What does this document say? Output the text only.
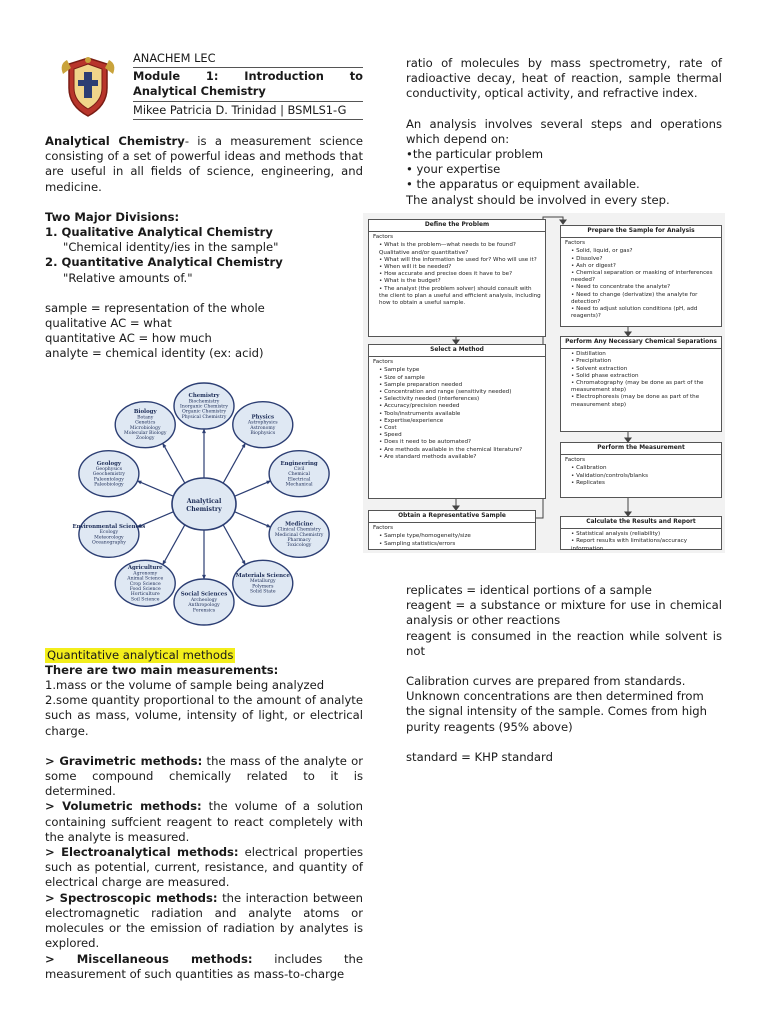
ANACHEM LEC
Module 1: Introduction to Analytical Chemistry
Mikee Patricia D. Trinidad | BSMLS1-G

Analytical Chemistry- is a measurement science consisting of a set of powerful ideas and methods that are useful in all fields of science, engineering, and medicine.

Two Major Divisions:

1. Qualitative Analytical Chemistry

"Chemical identity/ies in the sample"

2. Quantitative Analytical Chemistry

"Relative amounts of."

sample = representation of the whole

qualitative AC = what

quantitative AC = how much

analyte = chemical identity (ex: acid)

Chemistry
Biochemistry
Inorganic Chemistry
Organic Chemistry
Physical Chemistry	Physics
Astrophysics
Astronomy
Biophysics
Engineering
Civil
Chemical
Electrical
Mechanical
Medicine
Clinical Chemistry
Medicinal Chemistry
Pharmacy
Toxicology
Materials Science
Metallurgy
Polymers
Solid State
Social Sciences
Archeology
Anthropology
Forensics
Agriculture
Agronomy
Animal Science
Crop Science
Food Science
Horticulture
Soil Science
Environmental Sciences
Ecology
Meteorology
Oceanography
Geology
Geophysics
Geochemistry
Paleontology
Paleobiology
Biology
Botany
Genetics
Microbiology
Molecular Biology
Zoology
Analytical
Chemistry

Quantitative analytical methods

There are two main measurements:

1.mass or the volume of sample being analyzed

2.some quantity proportional to the amount of analyte such as mass, volume, intensity of light, or electrical charge.

> Gravimetric methods: the mass of the analyte or some compound chemically related to it is determined.

> Volumetric methods: the volume of a solution containing suffcient reagent to react completely with the analyte is measured.

> Electroanalytical methods: electrical properties such as potential, current, resistance, and quantity of electrical charge are measured.

> Spectroscopic methods: the interaction between electromagnetic radiation and analyte atoms or molecules or the emission of radiation by analytes is explored.

> Miscellaneous methods: includes the measurement of such quantities as mass-to-charge

ratio of molecules by mass spectrometry, rate of radioactive decay, heat of reaction, sample thermal conductivity, optical activity, and refractive index.

An analysis involves several steps and operations which depend on:

•the particular problem

• your expertise

• the apparatus or equipment available.

The analyst should be involved in every step.

Define the Problem
Factors
• What is the problem—what needs to be found? Qualitative and/or quantitative?
• What will the information be used for? Who will use it?
• When will it be needed?
• How accurate and precise does it have to be?
• What is the budget?
• The analyst (the problem solver) should consult with the client to plan a useful and efficient analysis, including how to obtain a useful sample.
Select a Method
Factors
• Sample type
• Size of sample
• Sample preparation needed
• Concentration and range (sensitivity needed)
• Selectivity needed (interferences)
• Accuracy/precision needed
• Tools/instruments available
• Expertise/experience
• Cost
• Speed
• Does it need to be automated?
• Are methods available in the chemical literature?
• Are standard methods available?
Obtain a Representative Sample
Factors
• Sample type/homogeneity/size
• Sampling statistics/errors
Prepare the Sample for Analysis
Factors
• Solid, liquid, or gas?
• Dissolve?
• Ash or digest?
• Chemical separation or masking of interferences needed?
• Need to concentrate the analyte?
• Need to change (derivatize) the analyte for detection?
• Need to adjust solution conditions (pH, add reagents)?
Perform Any Necessary Chemical Separations
• Distillation
• Precipitation
• Solvent extraction
• Solid phase extraction
• Chromatography (may be done as part of the measurement step)
• Electrophoresis (may be done as part of the measurement step)
Perform the Measurement
Factors
• Calibration
• Validation/controls/blanks
• Replicates
Calculate the Results and Report
• Statistical analysis (reliability)
• Report results with limitations/accuracy information

replicates = identical portions of a sample

reagent = a substance or mixture for use in chemical analysis or other reactions

reagent is consumed in the reaction while solvent is not

Calibration curves are prepared from standards. Unknown concentrations are then determined from the signal intensity of the sample. Comes from high purity reagents (95% above)

standard = KHP standard
